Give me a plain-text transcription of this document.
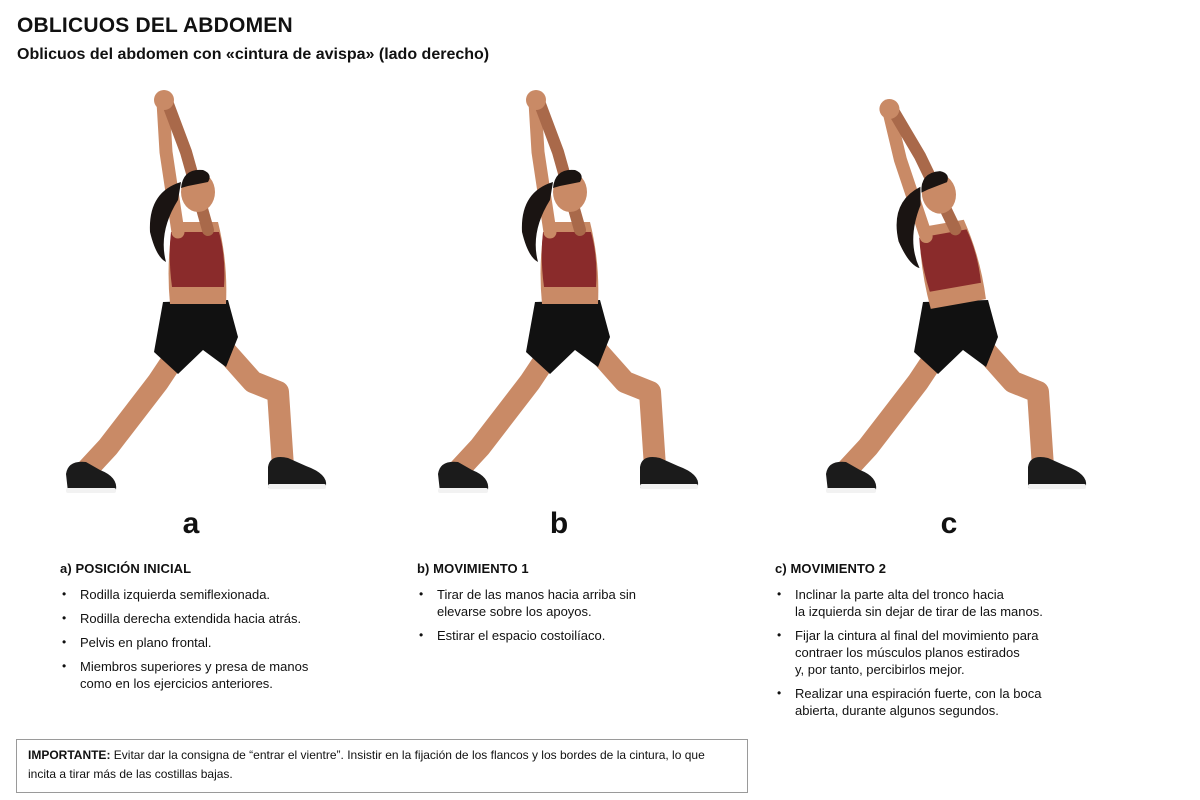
OBLICUOS DEL ABDOMEN
Oblicuos del abdomen con «cintura de avispa» (lado derecho)
a	b	c
a) POSICIÓN INICIAL
• Rodilla izquierda semiflexionada.
• Rodilla derecha extendida hacia atrás.
• Pelvis en plano frontal.
• Miembros superiores y presa de manos
como en los ejercicios anteriores.
b) MOVIMIENTO 1
• Tirar de las manos hacia arriba sin
elevarse sobre los apoyos.
• Estirar el espacio costoilíaco.
c) MOVIMIENTO 2
• Inclinar la parte alta del tronco hacia
la izquierda sin dejar de tirar de las manos.
• Fijar la cintura al final del movimiento para
contraer los músculos planos estirados
y, por tanto, percibirlos mejor.
• Realizar una espiración fuerte, con la boca
abierta, durante algunos segundos.
IMPORTANTE: Evitar dar la consigna de “entrar el vientre”. Insistir en la fijación de los flancos y los bordes de la cintura, lo que incita a tirar más de las costillas bajas.
